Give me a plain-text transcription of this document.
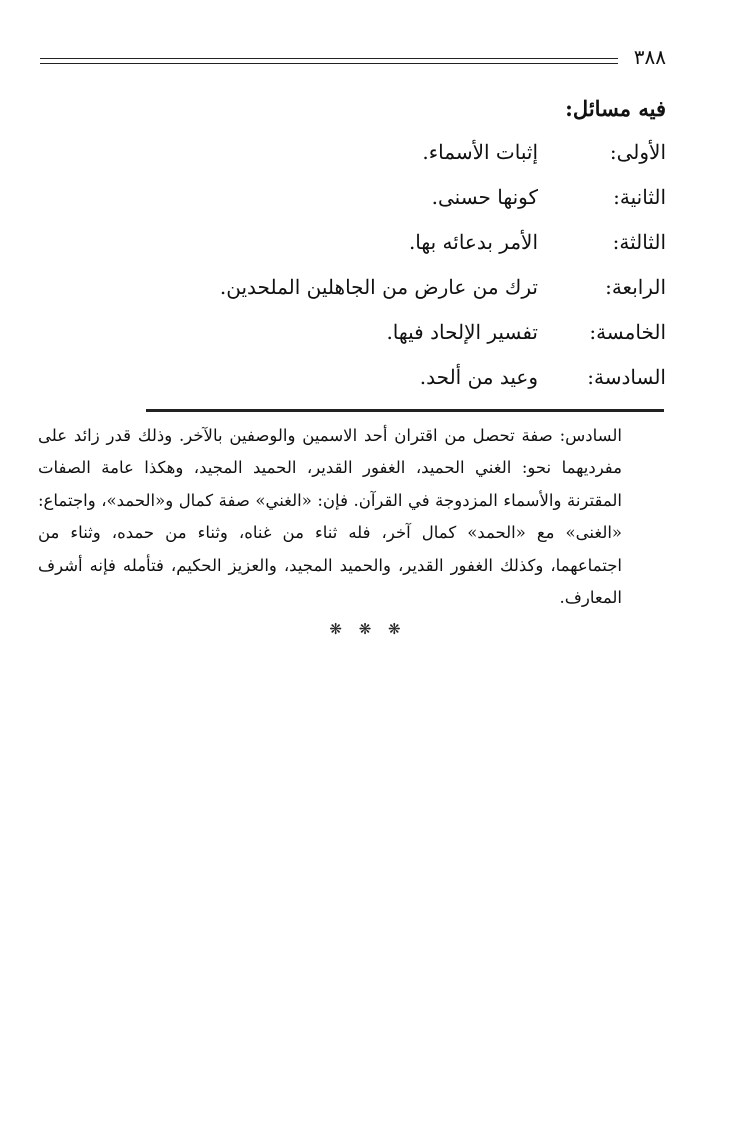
٣٨٨
فيه مسائل:
الأولى:
إثبات الأسماء.
الثانية:
كونها حسنى.
الثالثة:
الأمر بدعائه بها.
الرابعة:
ترك من عارض من الجاهلين الملحدين.
الخامسة:
تفسير الإلحاد فيها.
السادسة:
وعيد من ألحد.
السادس: صفة تحصل من اقتران أحد الاسمين والوصفين بالآخر. وذلك قدر زائد على مفرديهما نحو: الغني الحميد، الغفور القدير، الحميد المجيد، وهكذا عامة الصفات المقترنة والأسماء المزدوجة في القرآن. فإن: «الغني» صفة كمال و«الحمد»، واجتماع: «الغنى» مع «الحمد» كمال آخر، فله ثناء من غناه، وثناء من حمده، وثناء من اجتماعهما، وكذلك الغفور القدير، والحميد المجيد، والعزيز الحكيم، فتأمله فإنه أشرف المعارف.
❋ ❋ ❋
